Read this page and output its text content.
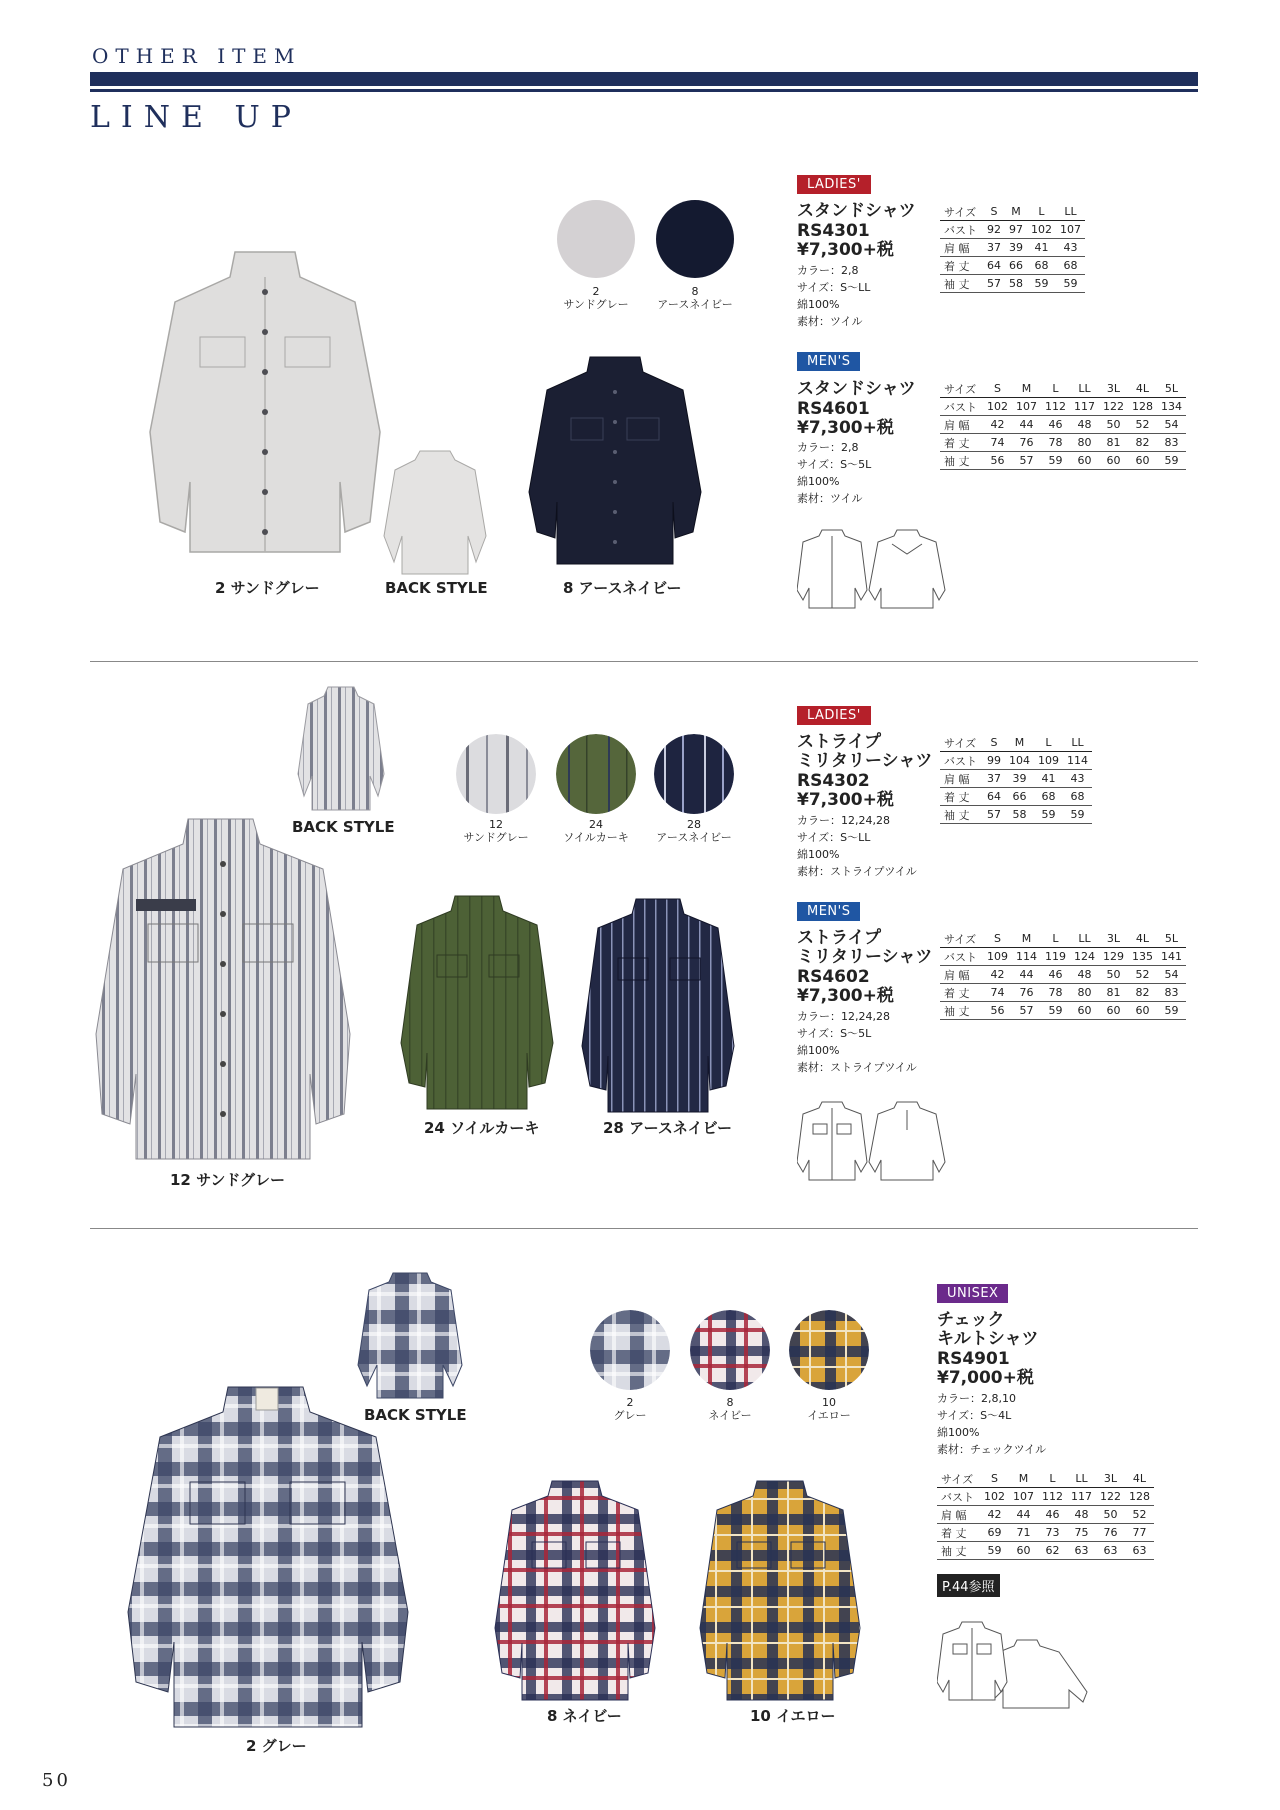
OTHER ITEM
LINE UP
2 サンドグレー	BACK STYLE	8 アースネイビー
2
サンドグレー
8
アースネイビー
LADIES'
スタンドシャツ
RS4301
¥7,300+税
カラー：2,8
サイズ：S～LL
綿100%
素材：ツイル
サイズ	S	M	L	LL
バスト	92	97	102	107
肩 幅	37	39	41	43
着 丈	64	66	68	68
袖 丈	57	58	59	59
MEN'S
スタンドシャツ
RS4601
¥7,300+税
カラー：2,8
サイズ：S～5L
綿100%
素材：ツイル
サイズ	S	M	L	LL	3L	4L	5L
バスト	102	107	112	117	122	128	134
肩 幅	42	44	46	48	50	52	54
着 丈	74	76	78	80	81	82	83
袖 丈	56	57	59	60	60	60	59
BACK STYLE
12 サンドグレー
24 ソイルカーキ	28 アースネイビー
12
サンドグレー
24
ソイルカーキ
28
アースネイビー
LADIES'
ストライプ
ミリタリーシャツ
RS4302
¥7,300+税
カラー：12,24,28
サイズ：S～LL
綿100%
素材：ストライプツイル
サイズ	S	M	L	LL
バスト	99	104	109	114
肩 幅	37	39	41	43
着 丈	64	66	68	68
袖 丈	57	58	59	59
MEN'S
ストライプ
ミリタリーシャツ
RS4602
¥7,300+税
カラー：12,24,28
サイズ：S～5L
綿100%
素材：ストライプツイル
サイズ	S	M	L	LL	3L	4L	5L
バスト	109	114	119	124	129	135	141
肩 幅	42	44	46	48	50	52	54
着 丈	74	76	78	80	81	82	83
袖 丈	56	57	59	60	60	60	59
BACK STYLE
2 グレー
8 ネイビー	10 イエロー
2
グレー
8
ネイビー
10
イエロー
UNISEX
チェック
キルトシャツ
RS4901
¥7,000+税
カラー：2,8,10
サイズ：S～4L
綿100%
素材：チェックツイル
サイズ	S	M	L	LL	3L	4L
バスト	102	107	112	117	122	128
肩 幅	42	44	46	48	50	52
着 丈	69	71	73	75	76	77
袖 丈	59	60	62	63	63	63
P.44参照
50
